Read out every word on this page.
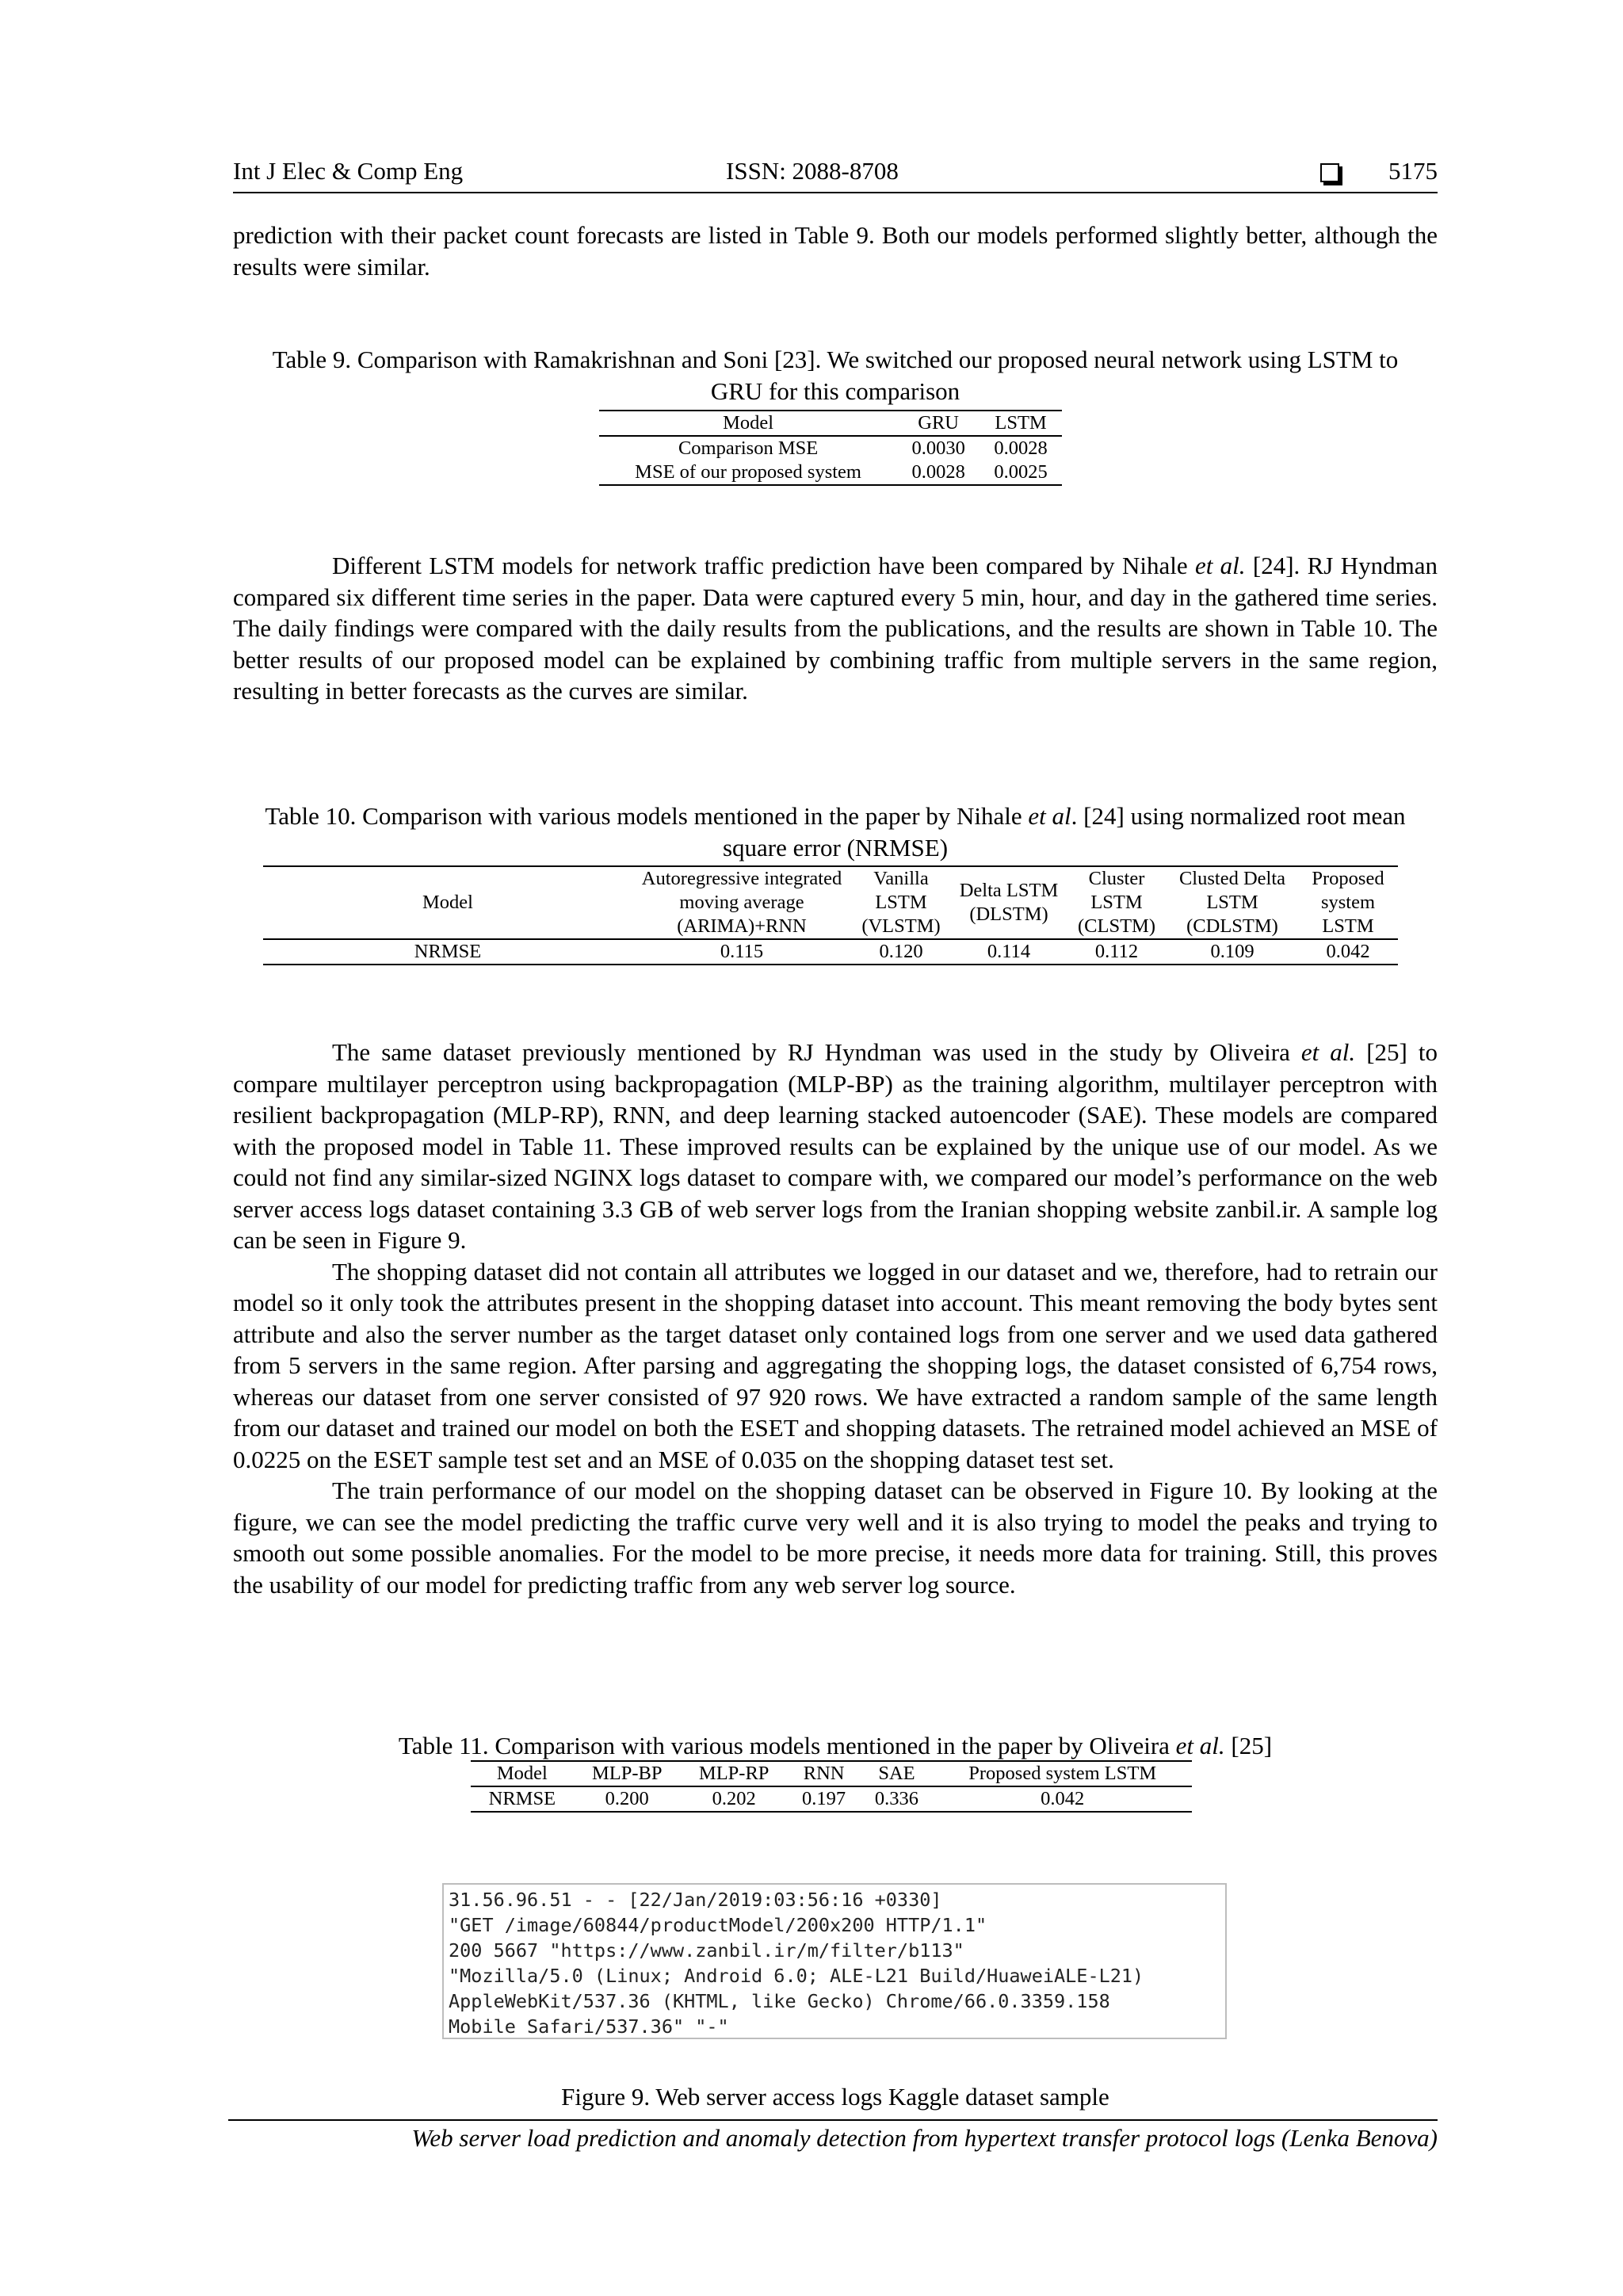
Int J Elec & Comp Eng	ISSN: 2088-8708	5175

prediction with their packet count forecasts are listed in Table 9. Both our models performed slightly better, although the results were similar.

Table 9. Comparison with Ramakrishnan and Soni [23]. We switched our proposed neural network using LSTM to GRU for this comparison
Model	GRU	LSTM
Comparison MSE	0.0030	0.0028
MSE of our proposed system	0.0028	0.0025

Different LSTM models for network traffic prediction have been compared by Nihale et al. [24]. RJ Hyndman compared six different time series in the paper. Data were captured every 5 min, hour, and day in the gathered time series. The daily findings were compared with the daily results from the publications, and the results are shown in Table 10. The better results of our proposed model can be explained by combining traffic from multiple servers in the same region, resulting in better forecasts as the curves are similar.

Table 10. Comparison with various models mentioned in the paper by Nihale et al. [24] using normalized root mean square error (NRMSE)
Model	Autoregressive integrated moving average (ARIMA)+RNN	Vanilla LSTM (VLSTM)	Delta LSTM (DLSTM)	Cluster LSTM (CLSTM)	Clusted Delta LSTM (CDLSTM)	Proposed system LSTM
NRMSE	0.115	0.120	0.114	0.112	0.109	0.042

The same dataset previously mentioned by RJ Hyndman was used in the study by Oliveira et al. [25] to compare multilayer perceptron using backpropagation (MLP-BP) as the training algorithm, multilayer perceptron with resilient backpropagation (MLP-RP), RNN, and deep learning stacked autoencoder (SAE). These models are compared with the proposed model in Table 11. These improved results can be explained by the unique use of our model. As we could not find any similar-sized NGINX logs dataset to compare with, we compared our model’s performance on the web server access logs dataset containing 3.3 GB of web server logs from the Iranian shopping website zanbil.ir. A sample log can be seen in Figure 9.

The shopping dataset did not contain all attributes we logged in our dataset and we, therefore, had to retrain our model so it only took the attributes present in the shopping dataset into account. This meant removing the body bytes sent attribute and also the server number as the target dataset only contained logs from one server and we used data gathered from 5 servers in the same region. After parsing and aggregating the shopping logs, the dataset consisted of 6,754 rows, whereas our dataset from one server consisted of 97 920 rows. We have extracted a random sample of the same length from our dataset and trained our model on both the ESET and shopping datasets. The retrained model achieved an MSE of 0.0225 on the ESET sample test set and an MSE of 0.035 on the shopping dataset test set.

The train performance of our model on the shopping dataset can be observed in Figure 10. By looking at the figure, we can see the model predicting the traffic curve very well and it is also trying to model the peaks and trying to smooth out some possible anomalies. For the model to be more precise, it needs more data for training. Still, this proves the usability of our model for predicting traffic from any web server log source.

Table 11. Comparison with various models mentioned in the paper by Oliveira et al. [25]
Model	MLP-BP	MLP-RP	RNN	SAE	Proposed system LSTM
NRMSE	0.200	0.202	0.197	0.336	0.042
31.56.96.51 - - [22/Jan/2019:03:56:16 +0330]
"GET /image/60844/productModel/200x200 HTTP/1.1"
200 5667 "https://www.zanbil.ir/m/filter/b113"
"Mozilla/5.0 (Linux; Android 6.0; ALE-L21 Build/HuaweiALE-L21)
AppleWebKit/537.36 (KHTML, like Gecko) Chrome/66.0.3359.158
Mobile Safari/537.36" "-"
Figure 9. Web server access logs Kaggle dataset sample
Web server load prediction and anomaly detection from hypertext transfer protocol logs (Lenka Benova)
